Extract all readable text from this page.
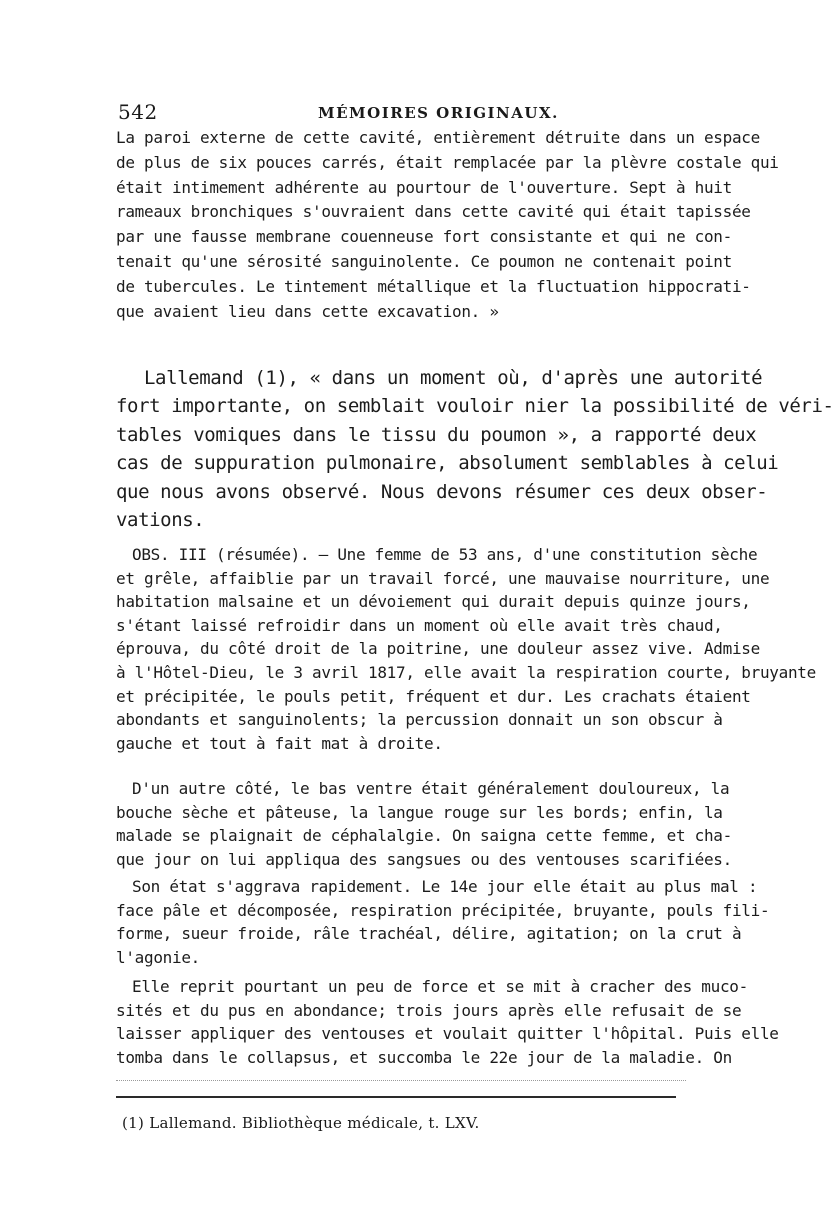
542	MÉMOIRES ORIGINAUX.
La paroi externe de cette cavité, entièrement détruite dans un espace
de plus de six pouces carrés, était remplacée par la plèvre costale qui
était intimement adhérente au pourtour de l'ouverture. Sept à huit
rameaux bronchiques s'ouvraient dans cette cavité qui était tapissée
par une fausse membrane couenneuse fort consistante et qui ne con-
tenait qu'une sérosité sanguinolente. Ce poumon ne contenait point
de tubercules. Le tintement métallique et la fluctuation hippocrati-
que avaient lieu dans cette excavation. »
Lallemand (1), « dans un moment où, d'après une autorité
fort importante, on semblait vouloir nier la possibilité de véri-
tables vomiques dans le tissu du poumon », a rapporté deux
cas de suppuration pulmonaire, absolument semblables à celui
que nous avons observé. Nous devons résumer ces deux obser-
vations.
OBS. III (résumée). — Une femme de 53 ans, d'une constitution sèche
et grêle, affaiblie par un travail forcé, une mauvaise nourriture, une
habitation malsaine et un dévoiement qui durait depuis quinze jours,
s'étant laissé refroidir dans un moment où elle avait très chaud,
éprouva, du côté droit de la poitrine, une douleur assez vive. Admise
à l'Hôtel-Dieu, le 3 avril 1817, elle avait la respiration courte, bruyante
et précipitée, le pouls petit, fréquent et dur. Les crachats étaient
abondants et sanguinolents; la percussion donnait un son obscur à
gauche et tout à fait mat à droite.
D'un autre côté, le bas ventre était généralement douloureux, la
bouche sèche et pâteuse, la langue rouge sur les bords; enfin, la
malade se plaignait de céphalalgie. On saigna cette femme, et cha-
que jour on lui appliqua des sangsues ou des ventouses scarifiées.
Son état s'aggrava rapidement. Le 14e jour elle était au plus mal :
face pâle et décomposée, respiration précipitée, bruyante, pouls fili-
forme, sueur froide, râle trachéal, délire, agitation; on la crut à
l'agonie.
Elle reprit pourtant un peu de force et se mit à cracher des muco-
sités et du pus en abondance; trois jours après elle refusait de se
laisser appliquer des ventouses et voulait quitter l'hôpital. Puis elle
tomba dans le collapsus, et succomba le 22e jour de la maladie. On
(1) Lallemand. Bibliothèque médicale, t. LXV.
